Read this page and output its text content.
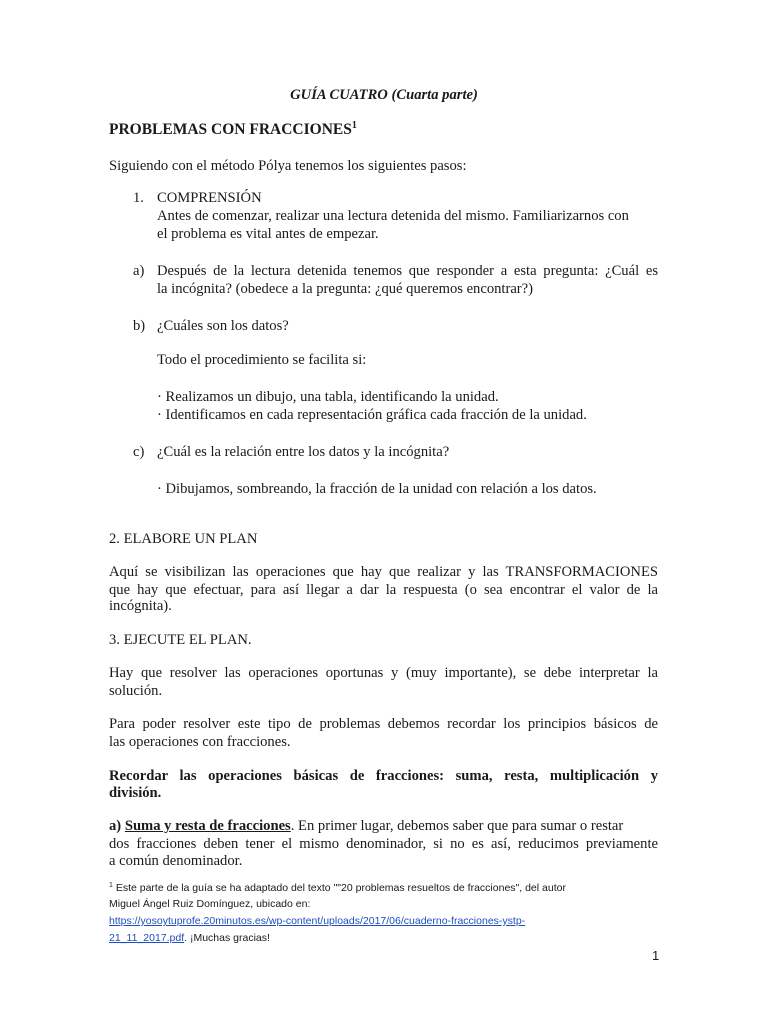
GUÍA CUATRO (Cuarta parte)
PROBLEMAS CON FRACCIONES$^1$
Siguiendo con el método Pólya tenemos los siguientes pasos:
1. COMPRENSIÓN
Antes de comenzar, realizar una lectura detenida del mismo. Familiarizarnos con
el problema es vital antes de empezar.
a) Después de la lectura detenida tenemos que responder a esta pregunta: ¿Cuál es
la incógnita? (obedece a la pregunta: ¿qué queremos encontrar?)
b) ¿Cuáles son los datos?
Todo el procedimiento se facilita si:
· Realizamos un dibujo, una tabla, identificando la unidad.
· Identificamos en cada representación gráfica cada fracción de la unidad.
c) ¿Cuál es la relación entre los datos y la incógnita?
· Dibujamos, sombreando, la fracción de la unidad con relación a los datos.
2. ELABORE UN PLAN
Aquí se visibilizan las operaciones que hay que realizar y las TRANSFORMACIONES
que hay que efectuar, para así llegar a dar la respuesta (o sea encontrar el valor de la
incógnita).
3. EJECUTE EL PLAN.
Hay que resolver las operaciones oportunas y (muy importante), se debe interpretar la
solución.
Para poder resolver este tipo de problemas debemos recordar los principios básicos de
las operaciones con fracciones.
Recordar las operaciones básicas de fracciones: suma, resta, multiplicación y
división.
a) Suma y resta de fracciones. En primer lugar, debemos saber que para sumar o restar
dos fracciones deben tener el mismo denominador, si no es así, reducimos previamente
a común denominador.
$^1$ Este parte de la guía se ha adaptado del texto ""20 problemas resueltos de fracciones", del autor
Miguel Ángel Ruiz Domínguez, ubicado en:
https://yosoytuprofe.20minutos.es/wp-content/uploads/2017/06/cuaderno-fracciones-ystp-
21_11_2017.pdf. ¡Muchas gracias!
1
